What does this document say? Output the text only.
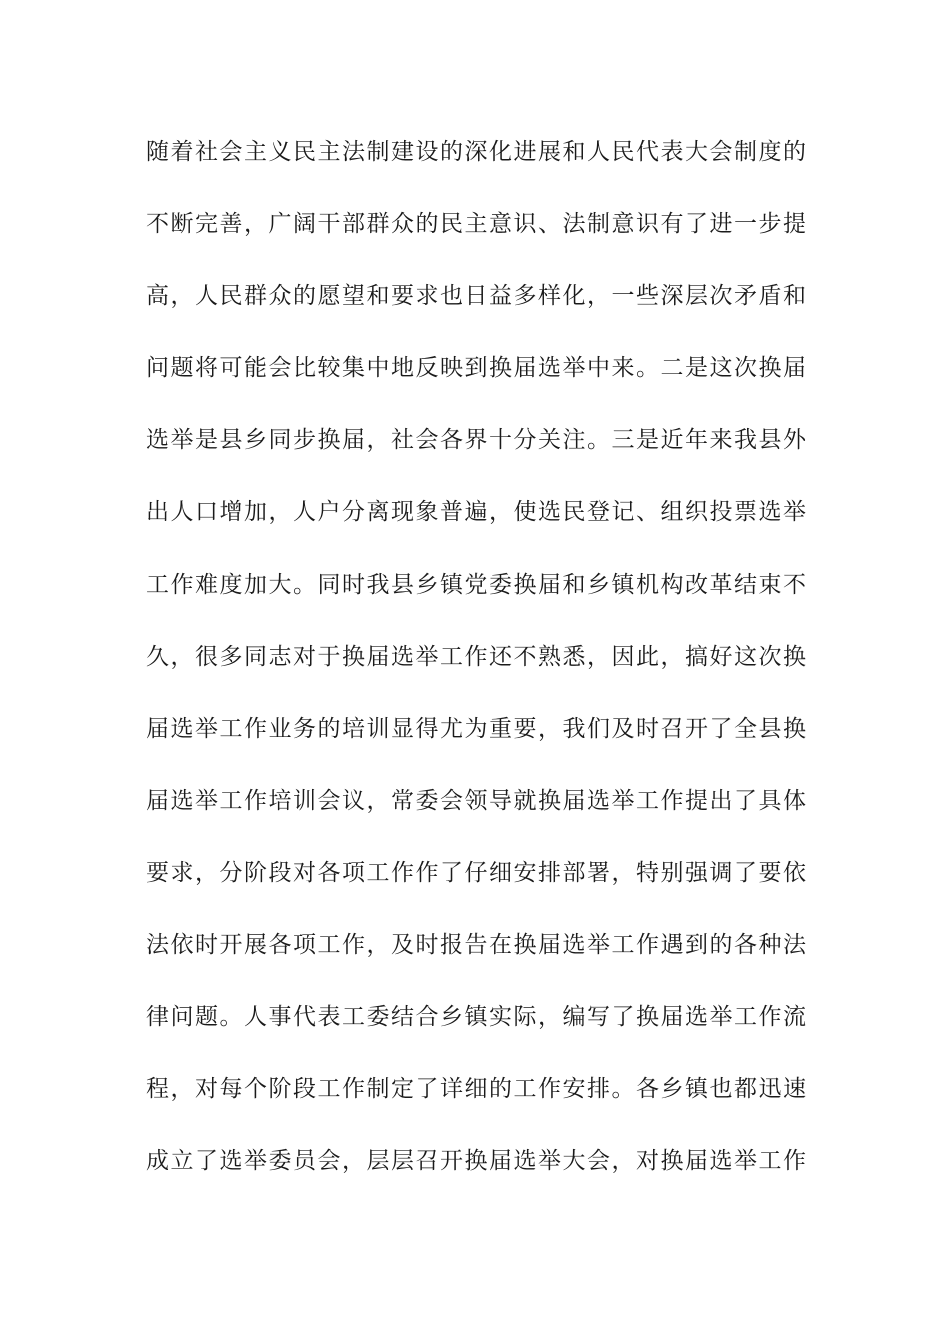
随着社会主义民主法制建设的深化进展和人民代表大会制度的
不断完善，广阔干部群众的民主意识、法制意识有了进一步提
高，人民群众的愿望和要求也日益多样化，一些深层次矛盾和
问题将可能会比较集中地反映到换届选举中来。二是这次换届
选举是县乡同步换届，社会各界十分关注。三是近年来我县外
出人口增加，人户分离现象普遍，使选民登记、组织投票选举
工作难度加大。同时我县乡镇党委换届和乡镇机构改革结束不
久，很多同志对于换届选举工作还不熟悉，因此，搞好这次换
届选举工作业务的培训显得尤为重要，我们及时召开了全县换
届选举工作培训会议，常委会领导就换届选举工作提出了具体
要求，分阶段对各项工作作了仔细安排部署，特别强调了要依
法依时开展各项工作，及时报告在换届选举工作遇到的各种法
律问题。人事代表工委结合乡镇实际，编写了换届选举工作流
程，对每个阶段工作制定了详细的工作安排。各乡镇也都迅速
成立了选举委员会，层层召开换届选举大会，对换届选举工作
